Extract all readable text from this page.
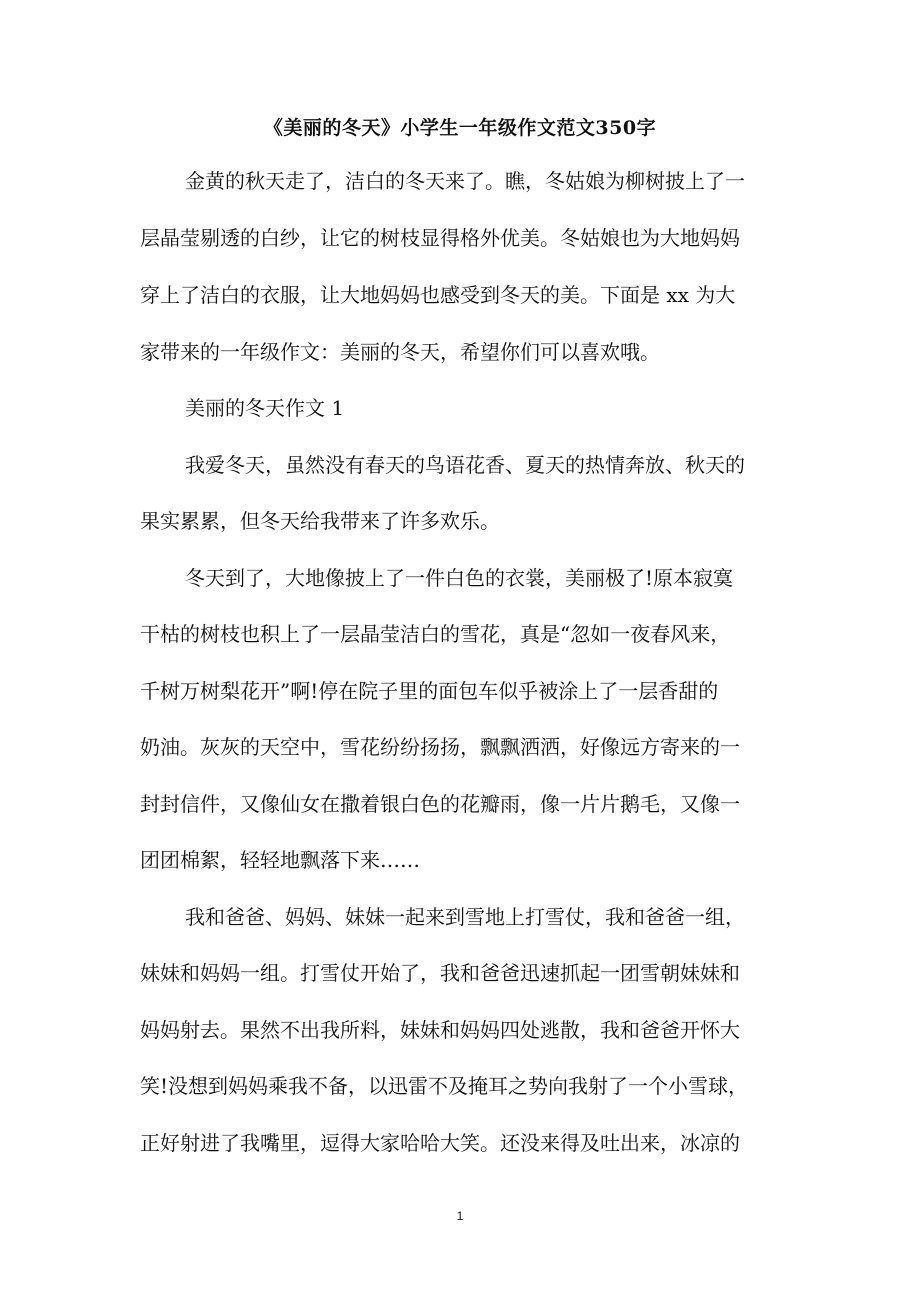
《美丽的冬天》小学生一年级作文范文350字
金黄的秋天走了，洁白的冬天来了。瞧，冬姑娘为柳树披上了一
层晶莹剔透的白纱，让它的树枝显得格外优美。冬姑娘也为大地妈妈
穿上了洁白的衣服，让大地妈妈也感受到冬天的美。下面是 xx 为大
家带来的一年级作文：美丽的冬天，希望你们可以喜欢哦。
美丽的冬天作文 1
我爱冬天，虽然没有春天的鸟语花香、夏天的热情奔放、秋天的
果实累累，但冬天给我带来了许多欢乐。
冬天到了，大地像披上了一件白色的衣裳，美丽极了!原本寂寞
干枯的树枝也积上了一层晶莹洁白的雪花，真是“忽如一夜春风来，
千树万树梨花开”啊!停在院子里的面包车似乎被涂上了一层香甜的
奶油。灰灰的天空中，雪花纷纷扬扬，飘飘洒洒，好像远方寄来的一
封封信件，又像仙女在撒着银白色的花瓣雨，像一片片鹅毛，又像一
团团棉絮，轻轻地飘落下来……
我和爸爸、妈妈、妹妹一起来到雪地上打雪仗，我和爸爸一组，
妹妹和妈妈一组。打雪仗开始了，我和爸爸迅速抓起一团雪朝妹妹和
妈妈射去。果然不出我所料，妹妹和妈妈四处逃散，我和爸爸开怀大
笑!没想到妈妈乘我不备，以迅雷不及掩耳之势向我射了一个小雪球，
正好射进了我嘴里，逗得大家哈哈大笑。还没来得及吐出来，冰凉的
1
